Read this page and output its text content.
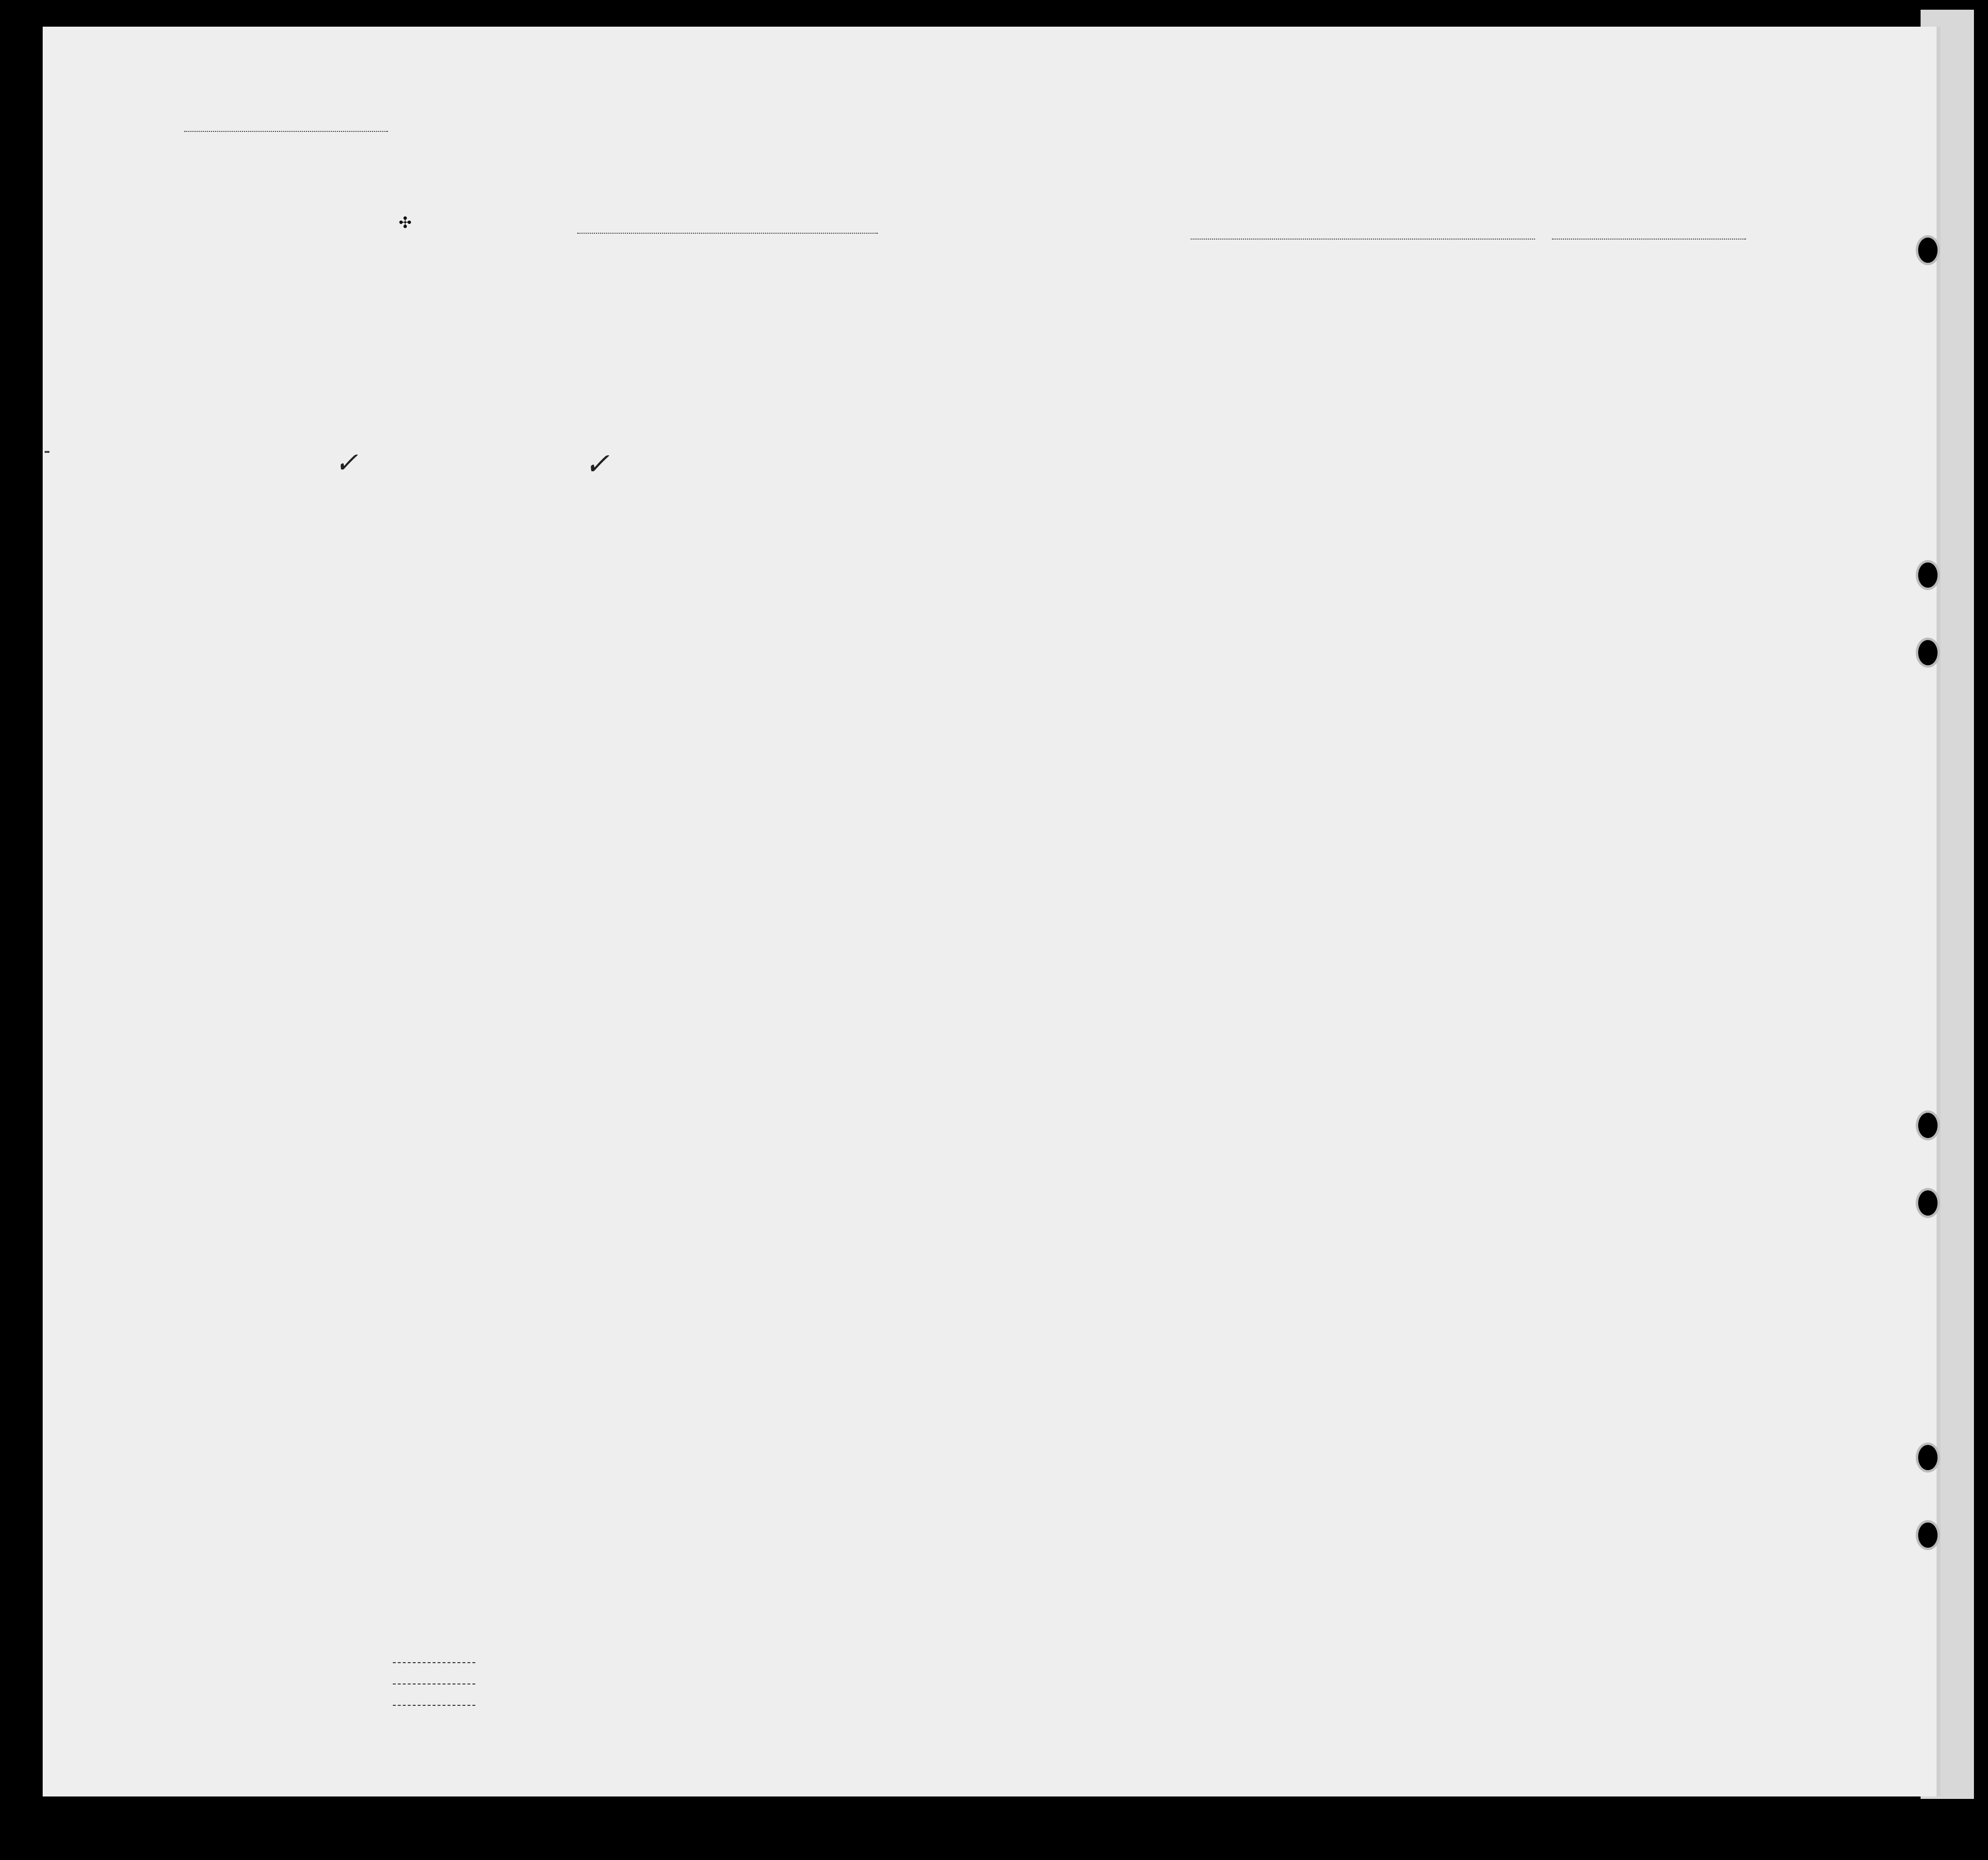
✣
✓	✓
